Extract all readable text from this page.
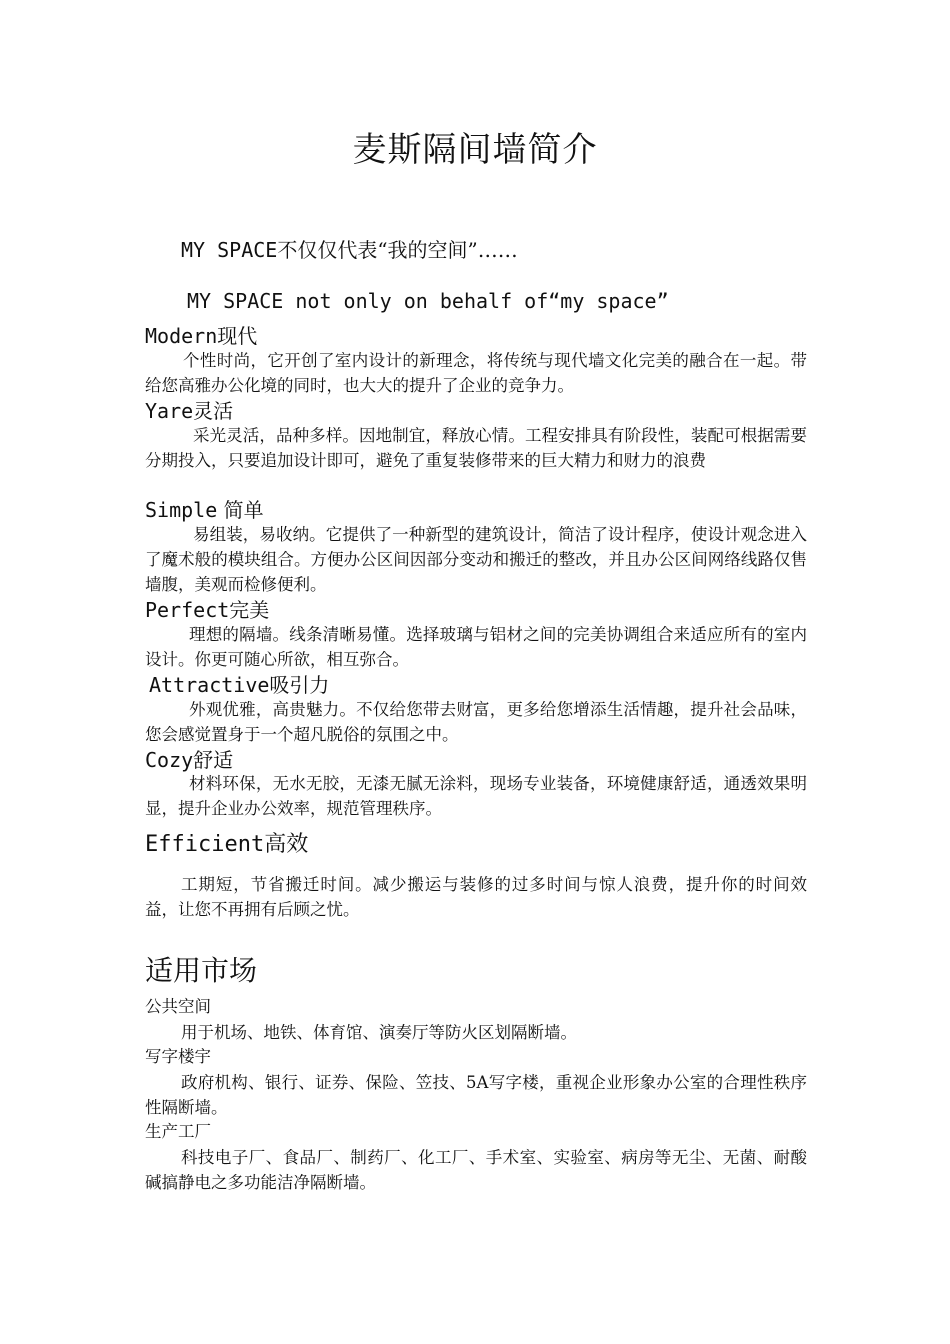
麦斯隔间墙简介
MY SPACE不仅仅代表“我的空间”……
MY SPACE not only on behalf of“my space”
Modern现代
个性时尚，它开创了室内设计的新理念，将传统与现代墙文化完美的融合在一起。带给您高雅办公化境的同时，也大大的提升了企业的竞争力。
Yare灵活
采光灵活，品种多样。因地制宜，释放心情。工程安排具有阶段性，装配可根据需要分期投入，只要追加设计即可，避免了重复装修带来的巨大精力和财力的浪费
Simple 简单
易组装，易收纳。它提供了一种新型的建筑设计，简洁了设计程序，使设计观念进入了魔术般的模块组合。方便办公区间因部分变动和搬迁的整改，并且办公区间网络线路仅售墙腹，美观而检修便利。
Perfect完美
理想的隔墙。线条清晰易懂。选择玻璃与铝材之间的完美协调组合来适应所有的室内设计。你更可随心所欲，相互弥合。
Attractive吸引力
外观优雅，高贵魅力。不仅给您带去财富，更多给您增添生活情趣，提升社会品味，您会感觉置身于一个超凡脱俗的氛围之中。
Cozy舒适
材料环保，无水无胶，无漆无腻无涂料，现场专业装备，环境健康舒适，通透效果明显，提升企业办公效率，规范管理秩序。
Efficient高效
工期短，节省搬迁时间。减少搬运与装修的过多时间与惊人浪费，提升你的时间效益，让您不再拥有后顾之忧。
适用市场
公共空间
用于机场、地铁、体育馆、演奏厅等防火区划隔断墙。
写字楼宇
政府机构、银行、证券、保险、笠技、5A写字楼，重视企业形象办公室的合理性秩序性隔断墙。
生产工厂
科技电子厂、食品厂、制药厂、化工厂、手术室、实验室、病房等无尘、无菌、耐酸碱搞静电之多功能洁净隔断墙。
